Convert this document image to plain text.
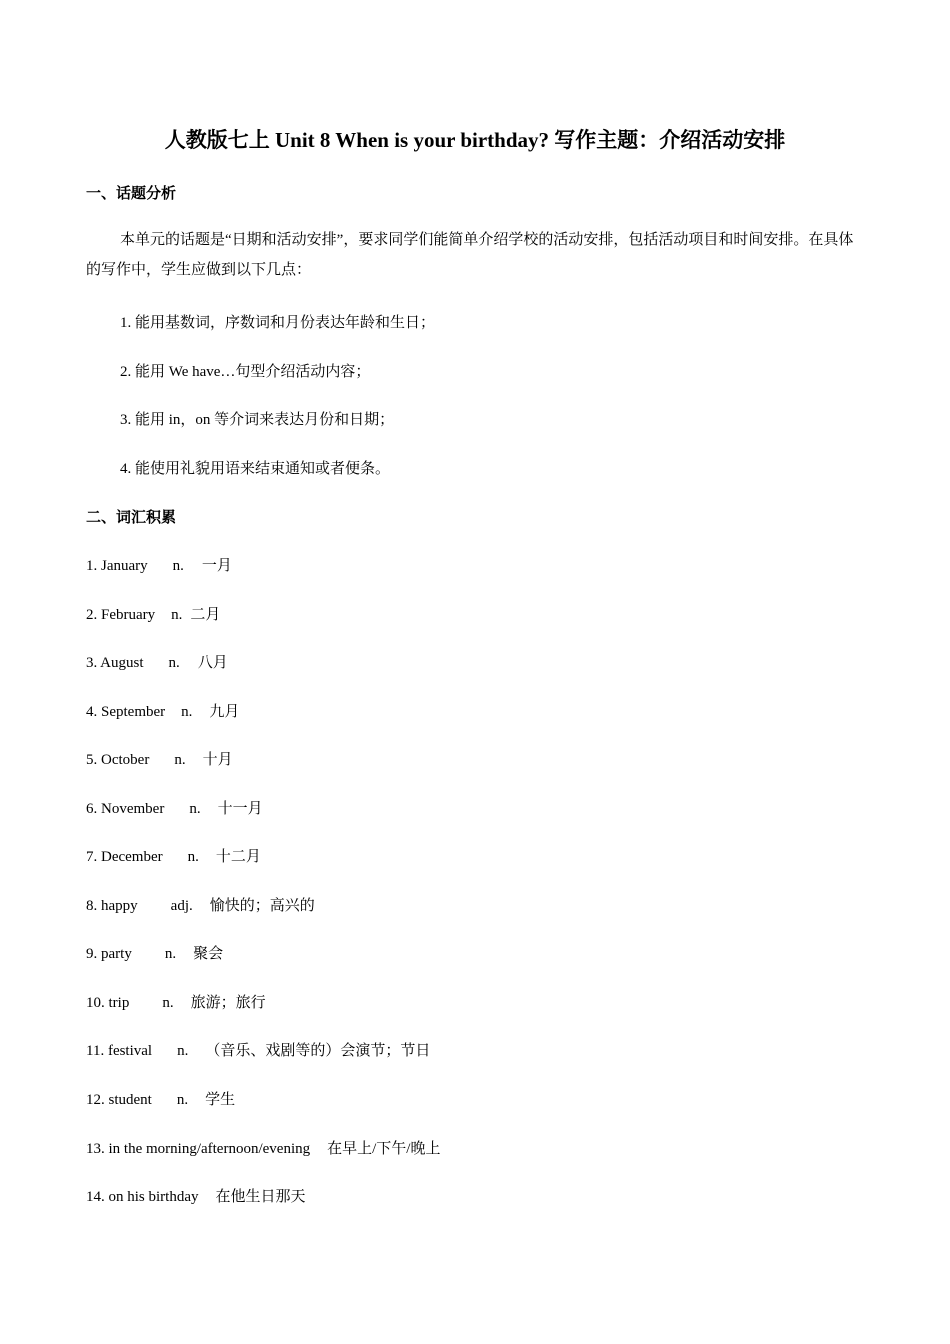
人教版七上 Unit 8 When is your birthday? 写作主题：介绍活动安排
一、话题分析
本单元的话题是“日期和活动安排”，要求同学们能简单介绍学校的活动安排，包括活动项目和时间安排。在具体的写作中，学生应做到以下几点：
1. 能用基数词，序数词和月份表达年龄和生日；
2. 能用 We have…句型介绍活动内容；
3. 能用 in，on 等介词来表达月份和日期；
4. 能使用礼貌用语来结束通知或者便条。
二、词汇积累
1. January n. 一月
2. February n. 二月
3. August n. 八月
4. September n. 九月
5. October n. 十月
6. November n. 十一月
7. December n. 十二月
8. happy adj. 愉快的；高兴的
9. party n. 聚会
10. trip n. 旅游；旅行
11. festival n. （音乐、戏剧等的）会演节；节日
12. student n. 学生
13. in the morning/afternoon/evening 在早上/下午/晚上
14. on his birthday 在他生日那天
